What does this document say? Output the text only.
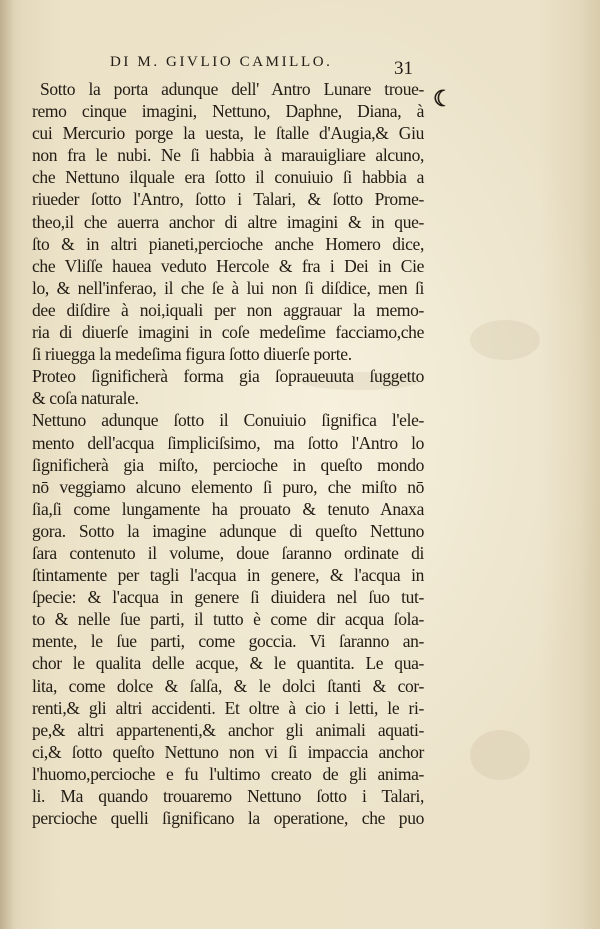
DI M. GIVLIO CAMILLO.	31
☾
Sotto la porta adunque dell' Antro Lunare troue-
remo cinque imagini, Nettuno, Daphne, Diana, à
cui Mercurio porge la uesta, le ſtalle d'Augia,& Giu
non fra le nubi. Ne ſi habbia à marauigliare alcuno,
che Nettuno ilquale era ſotto il conuiuio ſi habbia a
riueder ſotto l'Antro, ſotto i Talari, & ſotto Prome-
theo,il che auerra anchor di altre imagini & in que-
ſto & in altri pianeti,percioche anche Homero dice,
che Vliſſe hauea veduto Hercole & fra i Dei in Cie
lo, & nell'inferao, il che ſe à lui non ſi diſdice, men ſi
dee diſdire à noi,iquali per non aggrauar la memo-
ria di diuerſe imagini in coſe medeſime facciamo,che
ſi riuegga la medeſima figura ſotto diuerſe porte.
Proteo ſignificherà forma gia ſopraueuuta ſuggetto
& coſa naturale.
Nettuno adunque ſotto il Conuiuio ſignifica l'ele-
mento dell'acqua ſimpliciſsimo, ma ſotto l'Antro lo
ſignificherà gia miſto, percioche in queſto mondo
nō veggiamo alcuno elemento ſi puro, che miſto nō
ſia,ſi come lungamente ha prouato & tenuto Anaxa
gora. Sotto la imagine adunque di queſto Nettuno
ſara contenuto il volume, doue ſaranno ordinate di
ſtintamente per tagli l'acqua in genere, & l'acqua in
ſpecie: & l'acqua in genere ſi diuidera nel ſuo tut-
to & nelle ſue parti, il tutto è come dir acqua ſola-
mente, le ſue parti, come goccia. Vi ſaranno an-
chor le qualita delle acque, & le quantita. Le qua-
lita, come dolce & ſalſa, & le dolci ſtanti & cor-
renti,& gli altri accidenti. Et oltre à cio i letti, le ri-
pe,& altri appartenenti,& anchor gli animali aquati-
ci,& ſotto queſto Nettuno non vi ſi impaccia anchor
l'huomo,percioche e fu l'ultimo creato de gli anima-
li. Ma quando trouaremo Nettuno ſotto i Talari,
percioche quelli ſignificano la operatione, che puo
